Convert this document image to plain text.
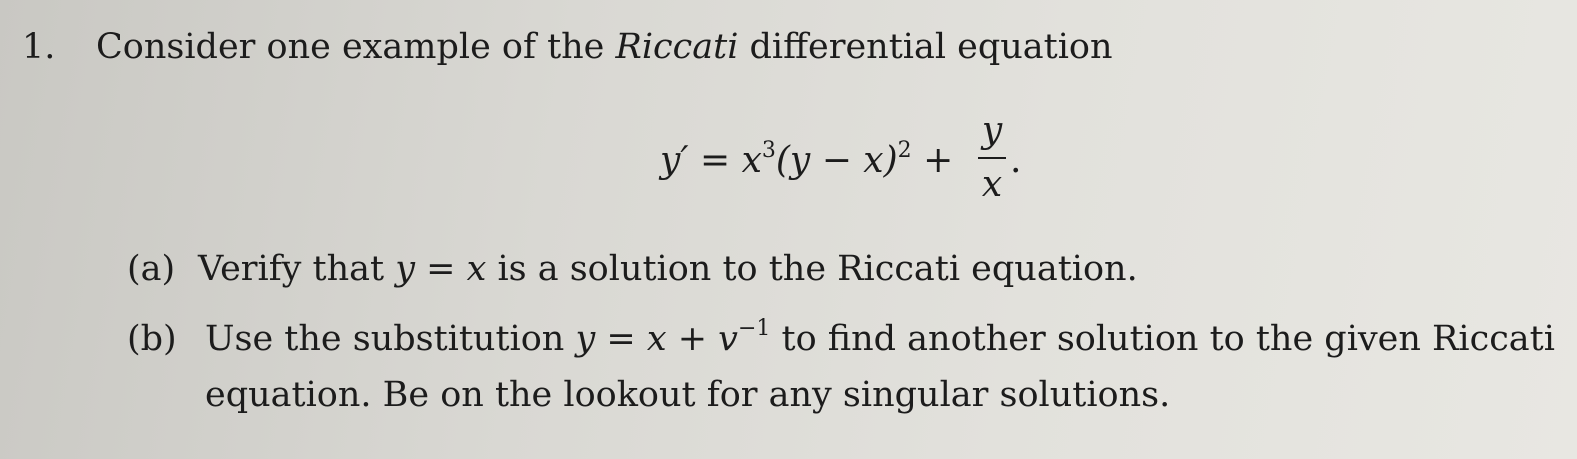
1. Consider one example of the Riccati differential equation
$y' = x^3(y - x)^2$ +
y
x
.
(a) Verify that y = x is a solution to the Riccati equation.
(b) Use the substitution $y = x + v^{-1}$ to find another solution to the given Riccati
equation. Be on the lookout for any singular solutions.
